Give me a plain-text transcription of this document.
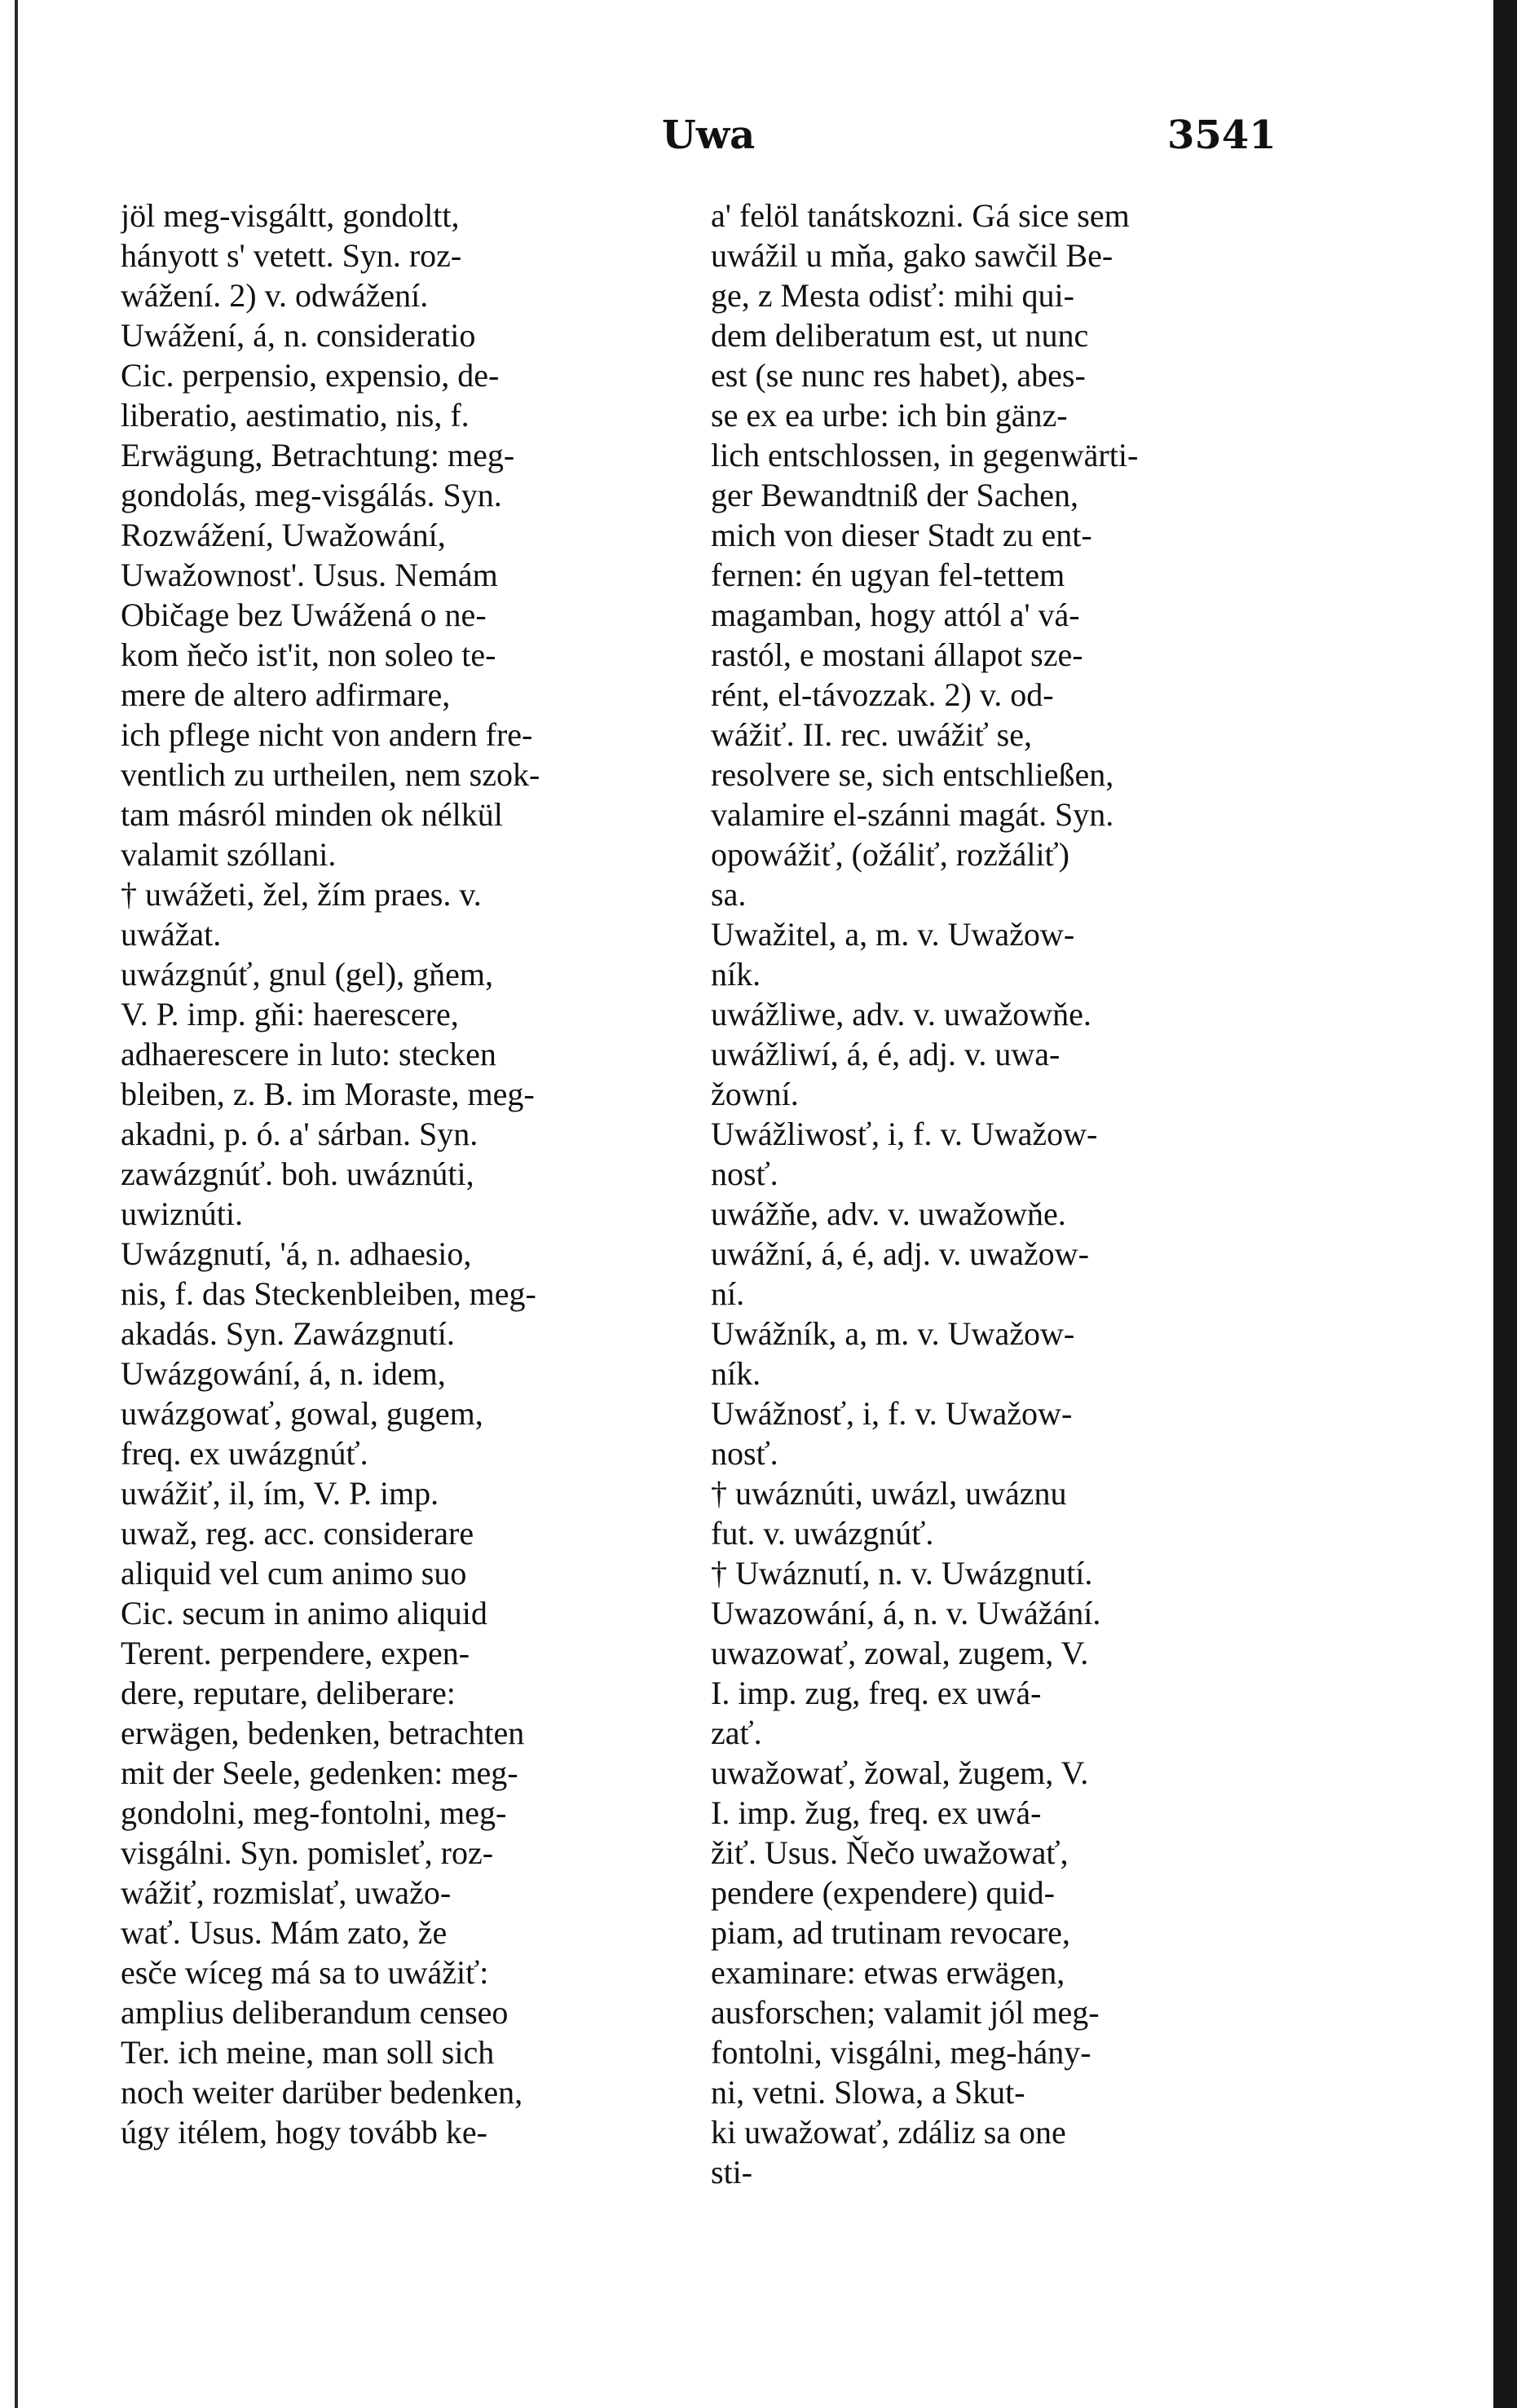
Uwa	3541
jöl meg-visgáltt, gondoltt,
hányott s' vetett. Syn. roz-
wážení. 2) v. odwážení.
Uwážení, á, n. consideratio
Cic. perpensio, expensio, de-
liberatio, aestimatio, nis, f.
Erwägung, Betrachtung: meg-
gondolás, meg-visgálás. Syn.
Rozwážení, Uwažowání,
Uwažownost'. Usus. Nemám
Običage bez Uwážená o ne-
kom ňečo ist'it, non soleo te-
mere de altero adfirmare,
ich pflege nicht von andern fre-
ventlich zu urtheilen, nem szok-
tam másról minden ok nélkül
valamit szóllani.
† uwážeti, žel, žím praes. v.
uwážat.
uwázgnúť, gnul (gel), gňem,
V. P. imp. gňi: haerescere,
adhaerescere in luto: stecken
bleiben, z. B. im Moraste, meg-
akadni, p. ó. a' sárban. Syn.
zawázgnúť. boh. uwáznúti,
uwiznúti.
Uwázgnutí, 'á, n. adhaesio,
nis, f. das Steckenbleiben, meg-
akadás. Syn. Zawázgnutí.
Uwázgowání, á, n. idem,
uwázgowať, gowal, gugem,
freq. ex uwázgnúť.
uwážiť, il, ím, V. P. imp.
uwaž, reg. acc. considerare
aliquid vel cum animo suo
Cic. secum in animo aliquid
Terent. perpendere, expen-
dere, reputare, deliberare:
erwägen, bedenken, betrachten
mit der Seele, gedenken: meg-
gondolni, meg-fontolni, meg-
visgálni. Syn. pomisleť, roz-
wážiť, rozmislať, uwažo-
wať. Usus. Mám zato, že
esče wíceg má sa to uwážiť:
amplius deliberandum censeo
Ter. ich meine, man soll sich
noch weiter darüber bedenken,
úgy itélem, hogy tovább ke-
a' felöl tanátskozni. Gá sice sem
uwážil u mňa, gako sawčil Be-
ge, z Mesta odisť: mihi qui-
dem deliberatum est, ut nunc
est (se nunc res habet), abes-
se ex ea urbe: ich bin gänz-
lich entschlossen, in gegenwärti-
ger Bewandtniß der Sachen,
mich von dieser Stadt zu ent-
fernen: én ugyan fel-tettem
magamban, hogy attól a' vá-
rastól, e mostani állapot sze-
rént, el-távozzak. 2) v. od-
wážiť. II. rec. uwážiť se,
resolvere se, sich entschließen,
valamire el-szánni magát. Syn.
opowážiť, (ožáliť, rozžáliť)
sa.
Uwažitel, a, m. v. Uwažow-
ník.
uwážliwe, adv. v. uwažowňe.
uwážliwí, á, é, adj. v. uwa-
žowní.
Uwážliwosť, i, f. v. Uwažow-
nosť.
uwážňe, adv. v. uwažowňe.
uwážní, á, é, adj. v. uwažow-
ní.
Uwážník, a, m. v. Uwažow-
ník.
Uwážnosť, i, f. v. Uwažow-
nosť.
† uwáznúti, uwázl, uwáznu
fut. v. uwázgnúť.
† Uwáznutí, n. v. Uwázgnutí.
Uwazowání, á, n. v. Uwážání.
uwazowať, zowal, zugem, V.
I. imp. zug, freq. ex uwá-
zať.
uwažowať, žowal, žugem, V.
I. imp. žug, freq. ex uwá-
žiť. Usus. Ňečo uwažowať,
pendere (expendere) quid-
piam, ad trutinam revocare,
examinare: etwas erwägen,
ausforschen; valamit jól meg-
fontolni, visgálni, meg-hány-
ni, vetni. Slowa, a Skut-
ki uwažowať, zdáliz sa one
sti-
